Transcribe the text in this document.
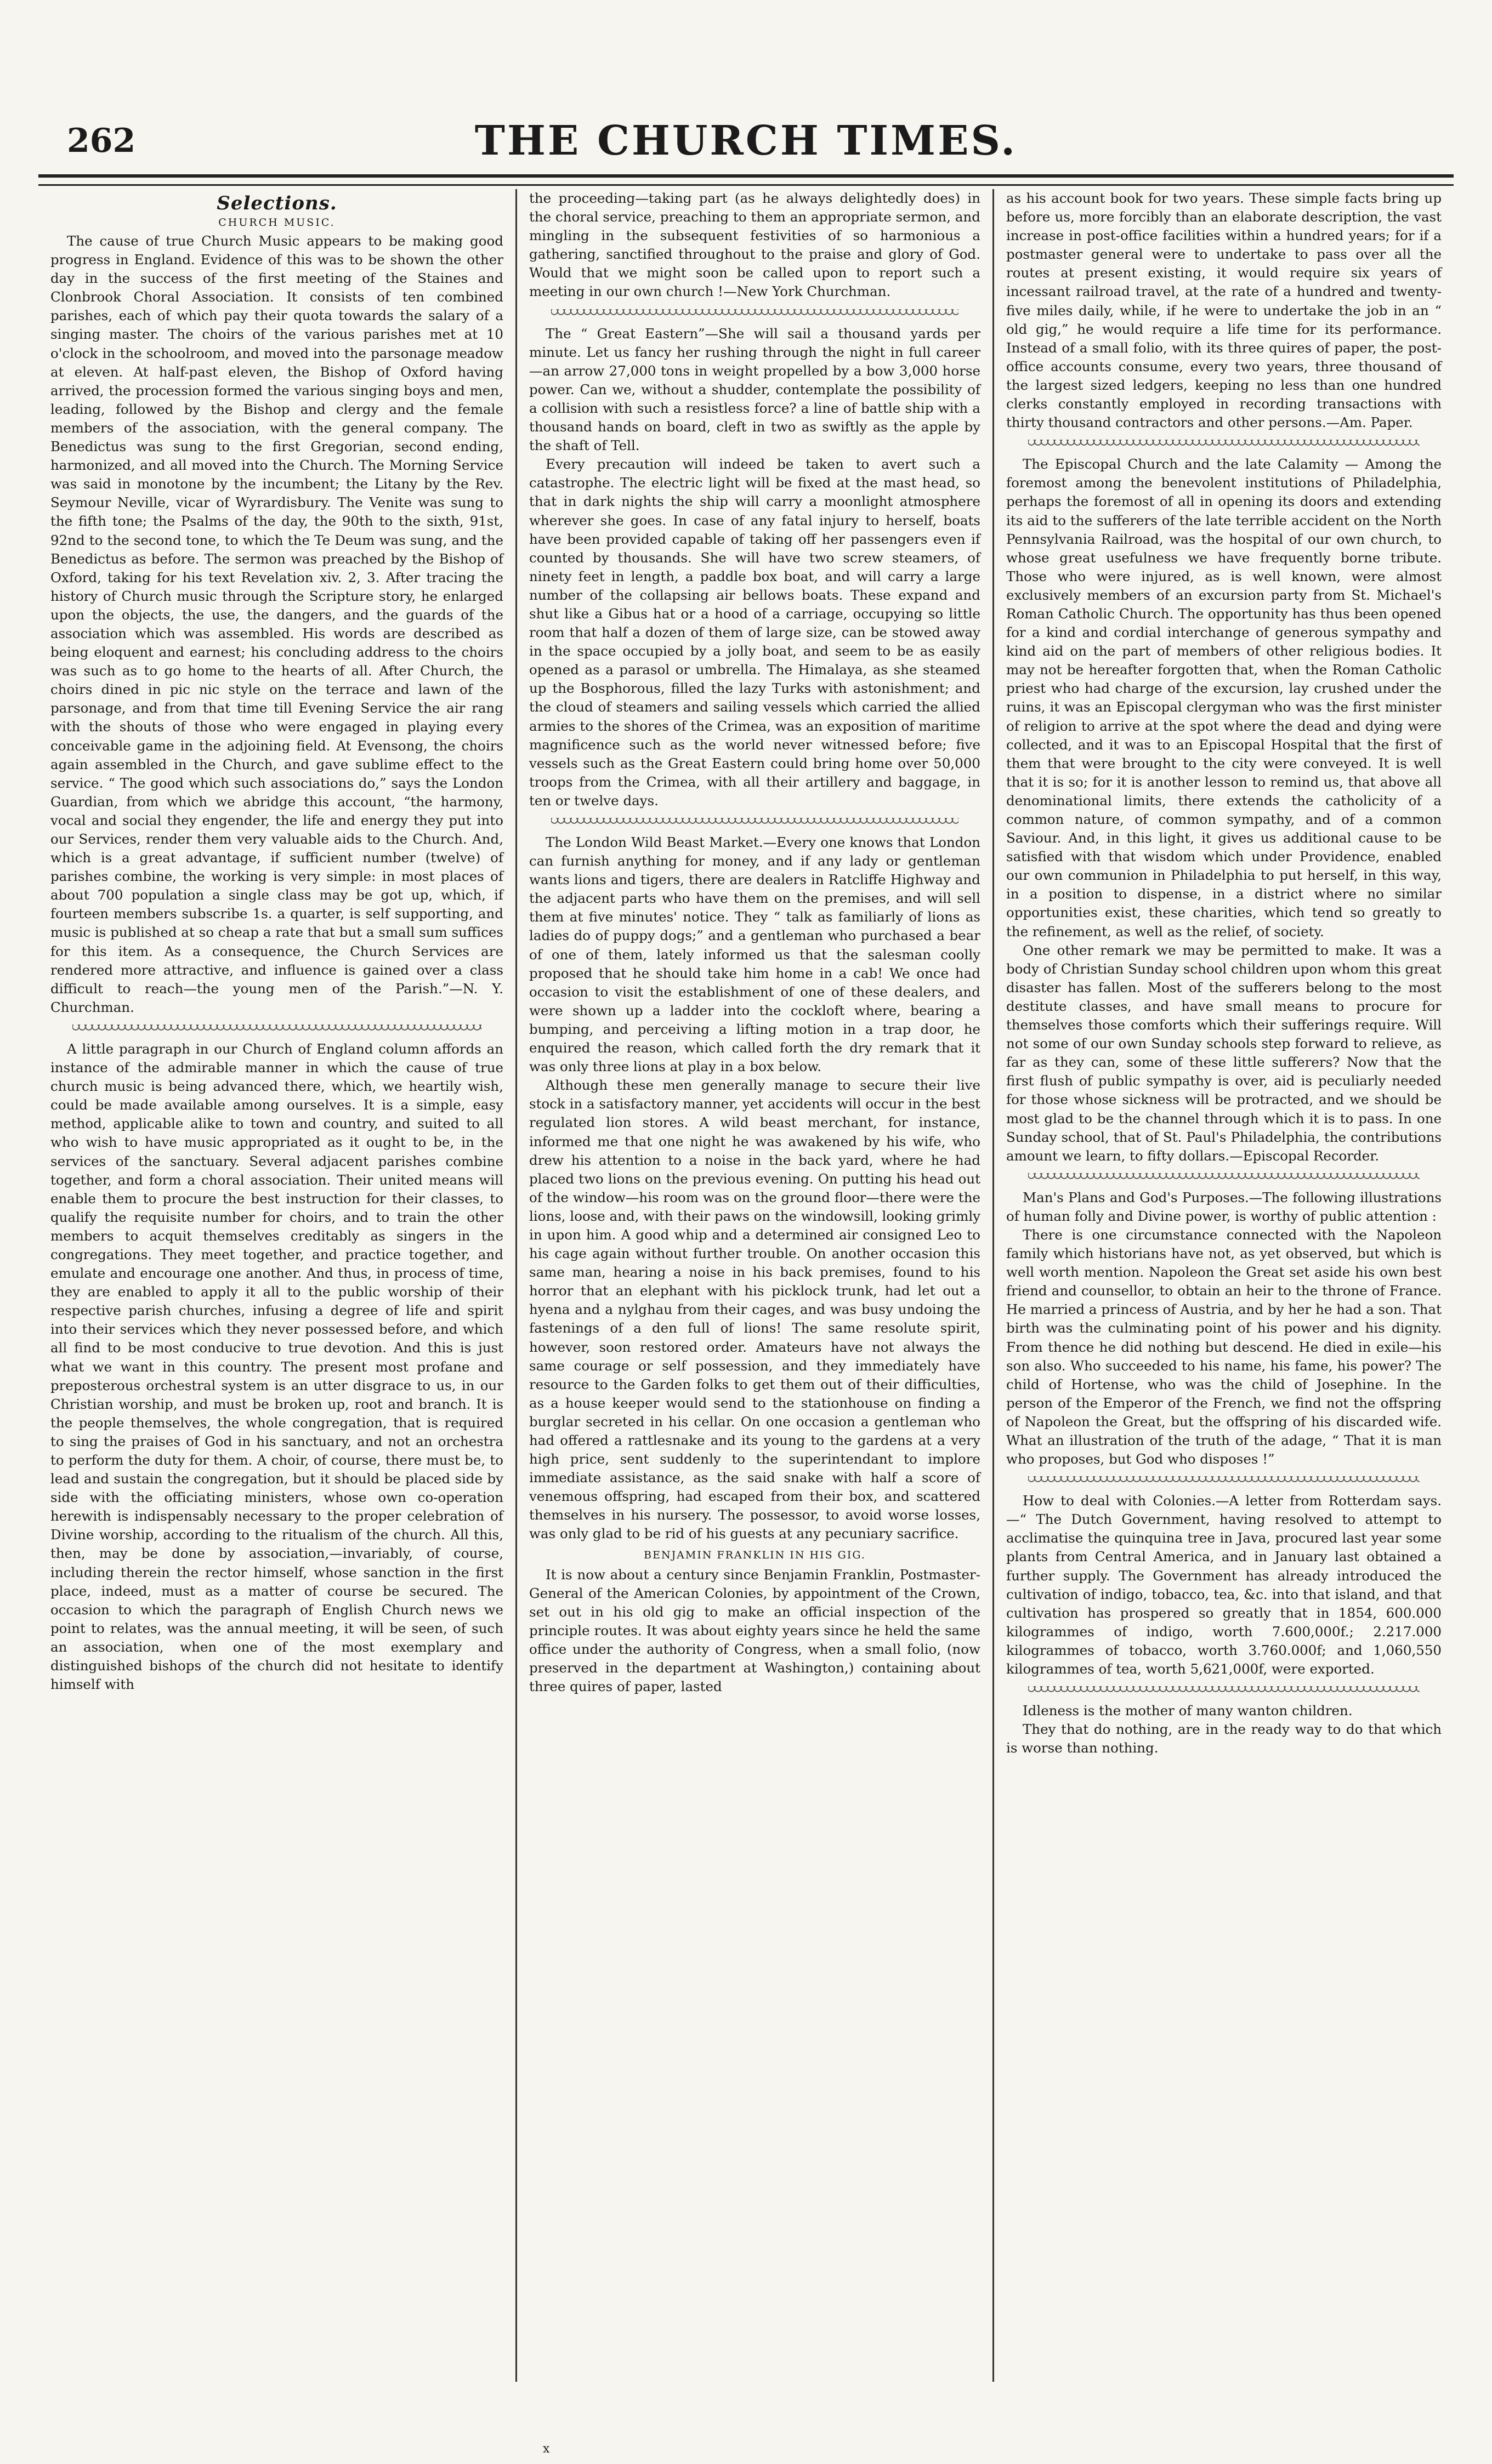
262	THE CHURCH TIMES.
Selections.
CHURCH MUSIC.

The cause of true Church Music appears to be making good progress in England. Evidence of this was to be shown the other day in the success of the first meeting of the Staines and Clonbrook Choral Association. It consists of ten combined parishes, each of which pay their quota towards the salary of a singing master. The choirs of the various parishes met at 10 o'clock in the schoolroom, and moved into the parsonage meadow at eleven. At half-past eleven, the Bishop of Oxford having arrived, the procession formed the various singing boys and men, leading, followed by the Bishop and clergy and the female members of the association, with the general company. The Benedictus was sung to the first Gregorian, second ending, harmonized, and all moved into the Church. The Morning Service was said in monotone by the incumbent; the Litany by the Rev. Seymour Neville, vicar of Wyrardisbury. The Venite was sung to the fifth tone; the Psalms of the day, the 90th to the sixth, 91st, 92nd to the second tone, to which the Te Deum was sung, and the Benedictus as before. The sermon was preached by the Bishop of Oxford, taking for his text Revelation xiv. 2, 3. After tracing the history of Church music through the Scripture story, he enlarged upon the objects, the use, the dangers, and the guards of the association which was assembled. His words are described as being eloquent and earnest; his concluding address to the choirs was such as to go home to the hearts of all. After Church, the choirs dined in pic nic style on the terrace and lawn of the parsonage, and from that time till Evening Service the air rang with the shouts of those who were engaged in playing every conceivable game in the adjoining field. At Evensong, the choirs again assembled in the Church, and gave sublime effect to the service. “ The good which such associations do,” says the London Guardian, from which we abridge this account, “the harmony, vocal and social they engender, the life and energy they put into our Services, render them very valuable aids to the Church. And, which is a great advantage, if sufficient number (twelve) of parishes combine, the working is very simple: in most places of about 700 population a single class may be got up, which, if fourteen members subscribe 1s. a quarter, is self supporting, and music is published at so cheap a rate that but a small sum suffices for this item. As a consequence, the Church Services are rendered more attractive, and influence is gained over a class difficult to reach—the young men of the Parish.”—N. Y. Churchman.

A little paragraph in our Church of England column affords an instance of the admirable manner in which the cause of true church music is being advanced there, which, we heartily wish, could be made available among ourselves. It is a simple, easy method, applicable alike to town and country, and suited to all who wish to have music appropriated as it ought to be, in the services of the sanctuary. Several adjacent parishes combine together, and form a choral association. Their united means will enable them to procure the best instruction for their classes, to qualify the requisite number for choirs, and to train the other members to acquit themselves creditably as singers in the congregations. They meet together, and practice together, and emulate and encourage one another. And thus, in process of time, they are enabled to apply it all to the public worship of their respective parish churches, infusing a degree of life and spirit into their services which they never possessed before, and which all find to be most conducive to true devotion. And this is just what we want in this country. The present most profane and preposterous orchestral system is an utter disgrace to us, in our Christian worship, and must be broken up, root and branch. It is the people themselves, the whole congregation, that is required to sing the praises of God in his sanctuary, and not an orchestra to perform the duty for them. A choir, of course, there must be, to lead and sustain the congregation, but it should be placed side by side with the officiating ministers, whose own co-operation herewith is indispensably necessary to the proper celebration of Divine worship, according to the ritualism of the church. All this, then, may be done by association,—invariably, of course, including therein the rector himself, whose sanction in the first place, indeed, must as a matter of course be secured. The occasion to which the paragraph of English Church news we point to relates, was the annual meeting, it will be seen, of such an association, when one of the most exemplary and distinguished bishops of the church did not hesitate to identify himself with

the proceeding—taking part (as he always delightedly does) in the choral service, preaching to them an appropriate sermon, and mingling in the subsequent festivities of so harmonious a gathering, sanctified throughout to the praise and glory of God. Would that we might soon be called upon to report such a meeting in our own church !—New York Churchman.

The “ Great Eastern”—She will sail a thousand yards per minute. Let us fancy her rushing through the night in full career—an arrow 27,000 tons in weight propelled by a bow 3,000 horse power. Can we, without a shudder, contemplate the possibility of a collision with such a resistless force? a line of battle ship with a thousand hands on board, cleft in two as swiftly as the apple by the shaft of Tell.

Every precaution will indeed be taken to avert such a catastrophe. The electric light will be fixed at the mast head, so that in dark nights the ship will carry a moonlight atmosphere wherever she goes. In case of any fatal injury to herself, boats have been provided capable of taking off her passengers even if counted by thousands. She will have two screw steamers, of ninety feet in length, a paddle box boat, and will carry a large number of the collapsing air bellows boats. These expand and shut like a Gibus hat or a hood of a carriage, occupying so little room that half a dozen of them of large size, can be stowed away in the space occupied by a jolly boat, and seem to be as easily opened as a parasol or umbrella. The Himalaya, as she steamed up the Bosphorous, filled the lazy Turks with astonishment; and the cloud of steamers and sailing vessels which carried the allied armies to the shores of the Crimea, was an exposition of maritime magnificence such as the world never witnessed before; five vessels such as the Great Eastern could bring home over 50,000 troops from the Crimea, with all their artillery and baggage, in ten or twelve days.

The London Wild Beast Market.—Every one knows that London can furnish anything for money, and if any lady or gentleman wants lions and tigers, there are dealers in Ratcliffe Highway and the adjacent parts who have them on the premises, and will sell them at five minutes' notice. They “ talk as familiarly of lions as ladies do of puppy dogs;” and a gentleman who purchased a bear of one of them, lately informed us that the salesman coolly proposed that he should take him home in a cab! We once had occasion to visit the establishment of one of these dealers, and were shown up a ladder into the cockloft where, bearing a bumping, and perceiving a lifting motion in a trap door, he enquired the reason, which called forth the dry remark that it was only three lions at play in a box below.

Although these men generally manage to secure their live stock in a satisfactory manner, yet accidents will occur in the best regulated lion stores. A wild beast merchant, for instance, informed me that one night he was awakened by his wife, who drew his attention to a noise in the back yard, where he had placed two lions on the previous evening. On putting his head out of the window—his room was on the ground floor—there were the lions, loose and, with their paws on the windowsill, looking grimly in upon him. A good whip and a determined air consigned Leo to his cage again without further trouble. On another occasion this same man, hearing a noise in his back premises, found to his horror that an elephant with his picklock trunk, had let out a hyena and a nylghau from their cages, and was busy undoing the fastenings of a den full of lions! The same resolute spirit, however, soon restored order. Amateurs have not always the same courage or self possession, and they immediately have resource to the Garden folks to get them out of their difficulties, as a house keeper would send to the stationhouse on finding a burglar secreted in his cellar. On one occasion a gentleman who had offered a rattlesnake and its young to the gardens at a very high price, sent suddenly to the superintendant to implore immediate assistance, as the said snake with half a score of venemous offspring, had escaped from their box, and scattered themselves in his nursery. The possessor, to avoid worse losses, was only glad to be rid of his guests at any pecuniary sacrifice.

BENJAMIN FRANKLIN IN HIS GIG.

It is now about a century since Benjamin Franklin, Postmaster-General of the American Colonies, by appointment of the Crown, set out in his old gig to make an official inspection of the principle routes. It was about eighty years since he held the same office under the authority of Congress, when a small folio, (now preserved in the department at Washington,) containing about three quires of paper, lasted

as his account book for two years. These simple facts bring up before us, more forcibly than an elaborate description, the vast increase in post-office facilities within a hundred years; for if a postmaster general were to undertake to pass over all the routes at present existing, it would require six years of incessant railroad travel, at the rate of a hundred and twenty-five miles daily, while, if he were to undertake the job in an “ old gig,” he would require a life time for its performance. Instead of a small folio, with its three quires of paper, the post-office accounts consume, every two years, three thousand of the largest sized ledgers, keeping no less than one hundred clerks constantly employed in recording transactions with thirty thousand contractors and other persons.—Am. Paper.

The Episcopal Church and the late Calamity — Among the foremost among the benevolent institutions of Philadelphia, perhaps the foremost of all in opening its doors and extending its aid to the sufferers of the late terrible accident on the North Pennsylvania Railroad, was the hospital of our own church, to whose great usefulness we have frequently borne tribute. Those who were injured, as is well known, were almost exclusively members of an excursion party from St. Michael's Roman Catholic Church. The opportunity has thus been opened for a kind and cordial interchange of generous sympathy and kind aid on the part of members of other religious bodies. It may not be hereafter forgotten that, when the Roman Catholic priest who had charge of the excursion, lay crushed under the ruins, it was an Episcopal clergyman who was the first minister of religion to arrive at the spot where the dead and dying were collected, and it was to an Episcopal Hospital that the first of them that were brought to the city were conveyed. It is well that it is so; for it is another lesson to remind us, that above all denominational limits, there extends the catholicity of a common nature, of common sympathy, and of a common Saviour. And, in this light, it gives us additional cause to be satisfied with that wisdom which under Providence, enabled our own communion in Philadelphia to put herself, in this way, in a position to dispense, in a district where no similar opportunities exist, these charities, which tend so greatly to the refinement, as well as the relief, of society.

One other remark we may be permitted to make. It was a body of Christian Sunday school children upon whom this great disaster has fallen. Most of the sufferers belong to the most destitute classes, and have small means to procure for themselves those comforts which their sufferings require. Will not some of our own Sunday schools step forward to relieve, as far as they can, some of these little sufferers? Now that the first flush of public sympathy is over, aid is peculiarly needed for those whose sickness will be protracted, and we should be most glad to be the channel through which it is to pass. In one Sunday school, that of St. Paul's Philadelphia, the contributions amount we learn, to fifty dollars.—Episcopal Recorder.

Man's Plans and God's Purposes.—The following illustrations of human folly and Divine power, is worthy of public attention :

There is one circumstance connected with the Napoleon family which historians have not, as yet observed, but which is well worth mention. Napoleon the Great set aside his own best friend and counsellor, to obtain an heir to the throne of France. He married a princess of Austria, and by her he had a son. That birth was the culminating point of his power and his dignity. From thence he did nothing but descend. He died in exile—his son also. Who succeeded to his name, his fame, his power? The child of Hortense, who was the child of Josephine. In the person of the Emperor of the French, we find not the offspring of Napoleon the Great, but the offspring of his discarded wife. What an illustration of the truth of the adage, “ That it is man who proposes, but God who disposes !”

How to deal with Colonies.—A letter from Rotterdam says.—“ The Dutch Government, having resolved to attempt to acclimatise the quinquina tree in Java, procured last year some plants from Central America, and in January last obtained a further supply. The Government has already introduced the cultivation of indigo, tobacco, tea, &c. into that island, and that cultivation has prospered so greatly that in 1854, 600.000 kilogrammes of indigo, worth 7.600,000f.; 2.217.000 kilogrammes of tobacco, worth 3.760.000f; and 1,060,550 kilogrammes of tea, worth 5,621,000f, were exported.

Idleness is the mother of many wanton children.

They that do nothing, are in the ready way to do that which is worse than nothing.

x
